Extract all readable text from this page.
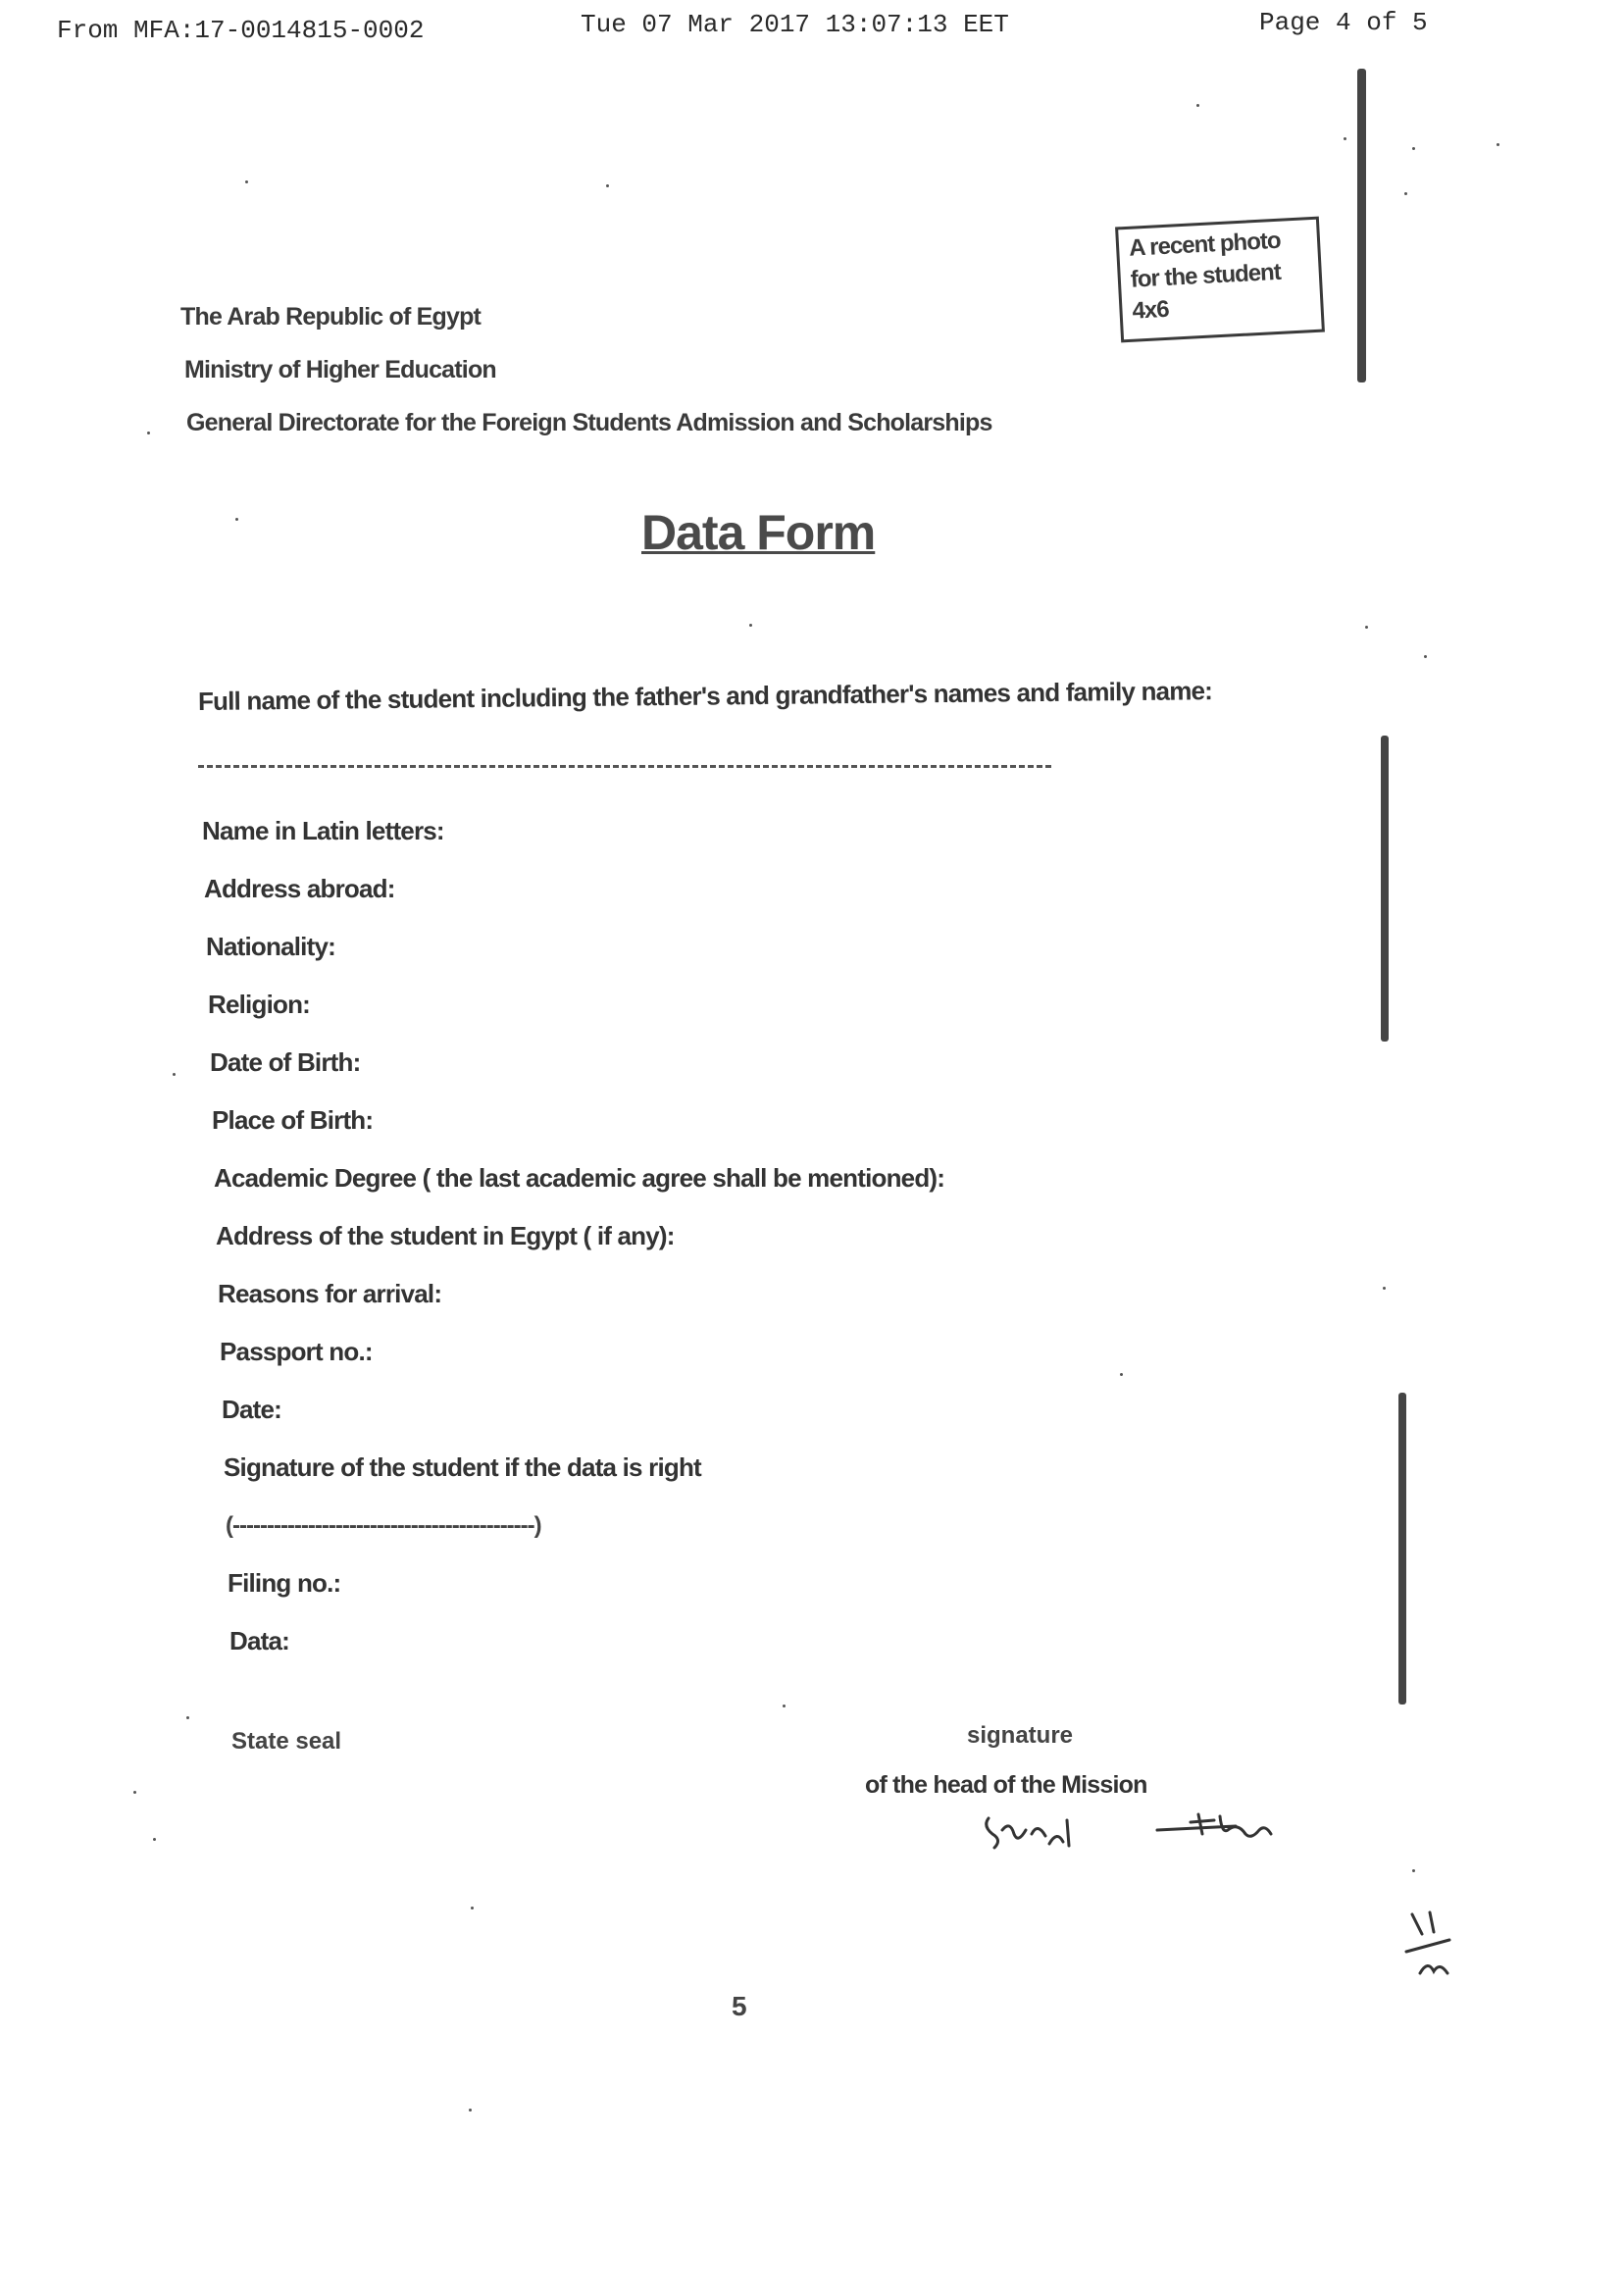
From MFA:17-0014815-0002	Tue 07 Mar 2017 13:07:13 EET	Page 4 of 5
The Arab Republic of Egypt
Ministry of Higher Education
General Directorate for the Foreign Students Admission and Scholarships
A recent photo
for the student
4x6
Data Form
Full name of the student including the father's and grandfather's names and family name:
Name in Latin letters:
Address abroad:
Nationality:
Religion:
Date of Birth:
Place of Birth:
Academic Degree ( the last academic agree shall be mentioned):
Address of the student in Egypt ( if any):
Reasons for arrival:
Passport no.:
Date:
Signature of the student if the data is right
(--------------------------------------------)
Filing no.:
Data:
State seal	signature
of the head of the Mission
5
